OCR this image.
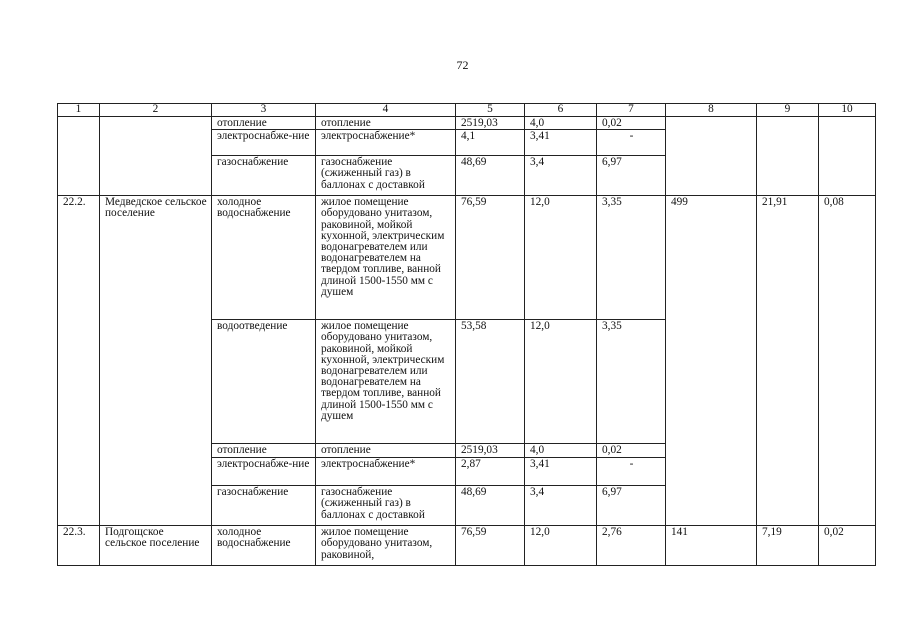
72
1	2	3	4	5	6	7	8	9	10
		отопление	отопление	2519,03	4,0	0,02			
		электроснабже-ние	электроснабжение*	4,1	3,41	-			
		газоснабжение	газоснабжение (сжиженный газ) в баллонах с доставкой	48,69	3,4	6,97			
22.2.	Медведское сельское поселение	холодное водоснабжение	жилое помещение оборудовано унитазом, раковиной, мойкой кухонной, электрическим водонагревателем или водонагревателем на твердом топливе, ванной длиной 1500-1550 мм с душем	76,59	12,0	3,35	499	21,91	0,08
		водоотведение	жилое помещение оборудовано унитазом, раковиной, мойкой кухонной, электрическим водонагревателем или водонагревателем на твердом топливе, ванной длиной 1500-1550 мм с душем	53,58	12,0	3,35			
		отопление	отопление	2519,03	4,0	0,02			
		электроснабже-ние	электроснабжение*	2,87	3,41	-			
		газоснабжение	газоснабжение (сжиженный газ) в баллонах с доставкой	48,69	3,4	6,97			
22.3.	Подгощское сельское поселение	холодное водоснабжение	жилое помещение оборудовано унитазом, раковиной,	76,59	12,0	2,76	141	7,19	0,02
